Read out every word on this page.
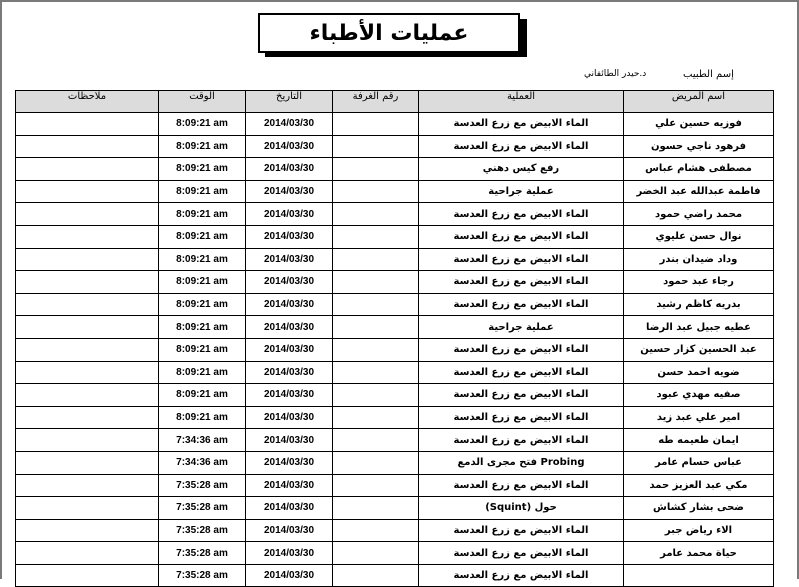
عمليات الأطباء
إسم الطبيب
د.حيدر الطائفاني
اسم المريض	العملية	رقم الغرفة	التاريخ	الوقت	ملاحظات
فوزيه حسين علي	الماء الابيض مع زرع العدسة		2014/03/30	8:09:21 am	
فرهود ناجي حسون	الماء الابيض مع زرع العدسة		2014/03/30	8:09:21 am	
مصطفى هشام عباس	رفع كيس دهني		2014/03/30	8:09:21 am	
فاطمة عبدالله عبد الخضر	عملية جراحية		2014/03/30	8:09:21 am	
محمد راضي حمود	الماء الابيض مع زرع العدسة		2014/03/30	8:09:21 am	
نوال حسن عليوي	الماء الابيض مع زرع العدسة		2014/03/30	8:09:21 am	
وداد ضيدان بندر	الماء الابيض مع زرع العدسة		2014/03/30	8:09:21 am	
رجاء عبد حمود	الماء الابيض مع زرع العدسة		2014/03/30	8:09:21 am	
بدريه كاظم رشيد	الماء الابيض مع زرع العدسة		2014/03/30	8:09:21 am	
عطيه جبيل عبد الرضا	عملية جراحية		2014/03/30	8:09:21 am	
عبد الحسين كزار حسين	الماء الابيض مع زرع العدسة		2014/03/30	8:09:21 am	
ضويه احمد حسن	الماء الابيض مع زرع العدسة		2014/03/30	8:09:21 am	
صفيه مهدي عبود	الماء الابيض مع زرع العدسة		2014/03/30	8:09:21 am	
امير علي عبد زيد	الماء الابيض مع زرع العدسة		2014/03/30	8:09:21 am	
ايمان طعيمه طه	الماء الابيض مع زرع العدسة		2014/03/30	7:34:36 am	
عباس حسام عامر	Probing فتح مجرى الدمع		2014/03/30	7:34:36 am	
مكي عبد العزيز حمد	الماء الابيض مع زرع العدسة		2014/03/30	7:35:28 am	
ضحى بشار كشاش	حول (Squint)		2014/03/30	7:35:28 am	
الاء رياض جبر	الماء الابيض مع زرع العدسة		2014/03/30	7:35:28 am	
حياة محمد عامر	الماء الابيض مع زرع العدسة		2014/03/30	7:35:28 am	
	الماء الابيض مع زرع العدسة		2014/03/30	7:35:28 am	
